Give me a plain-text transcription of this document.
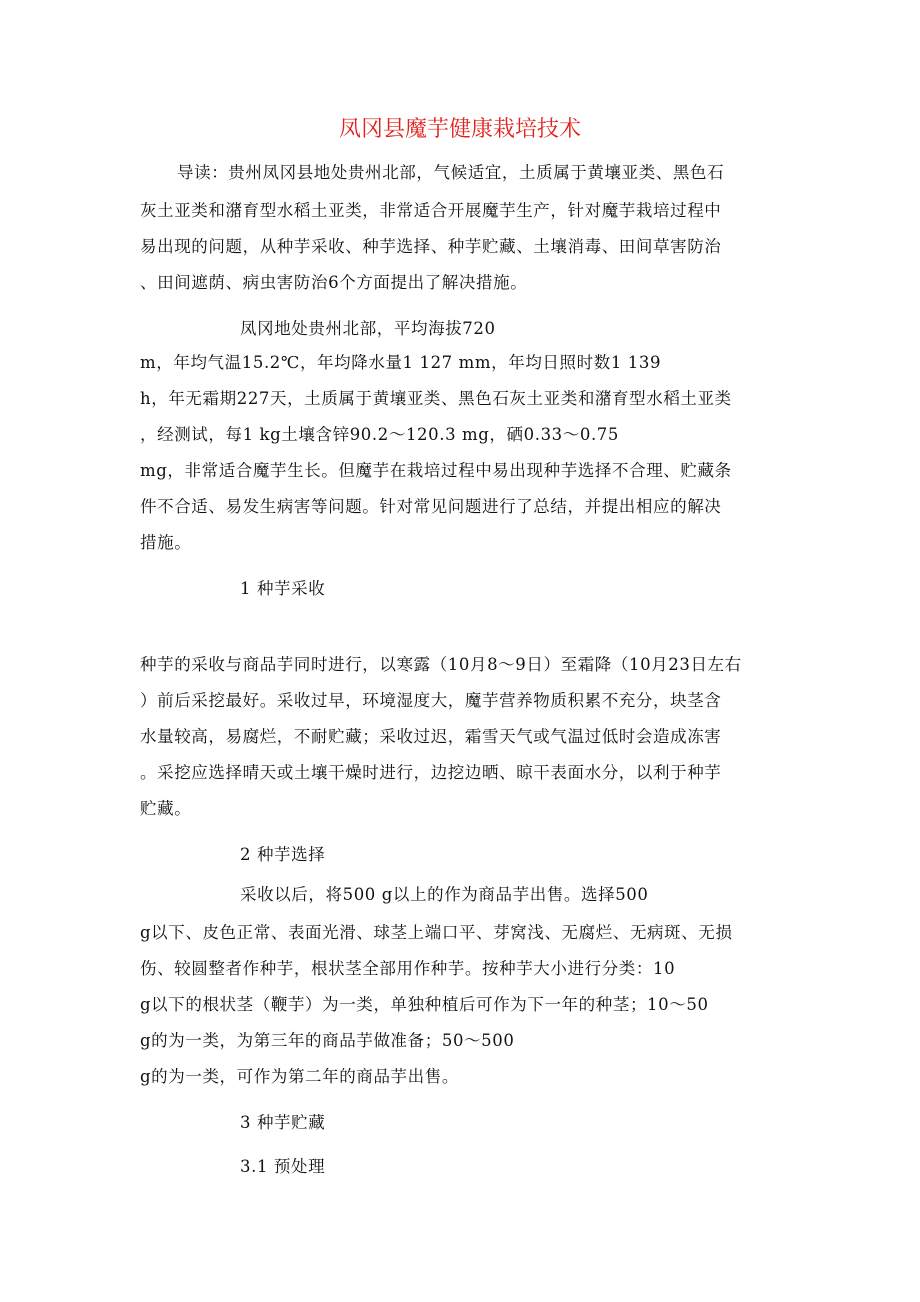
凤冈县魔芋健康栽培技术
导读：贵州凤冈县地处贵州北部，气候适宜，土质属于黄壤亚类、黑色石
灰土亚类和潴育型水稻土亚类，非常适合开展魔芋生产，针对魔芋栽培过程中
易出现的问题，从种芋采收、种芋选择、种芋贮藏、土壤消毒、田间草害防治
、田间遮荫、病虫害防治6个方面提出了解决措施。
凤冈地处贵州北部，平均海拔720
m，年均气温15.2℃，年均降水量1 127 mm，年均日照时数1 139
h，年无霜期227天，土质属于黄壤亚类、黑色石灰土亚类和潴育型水稻土亚类
，经测试，每1 kg土壤含锌90.2～120.3 mg，硒0.33～0.75
mg，非常适合魔芋生长。但魔芋在栽培过程中易出现种芋选择不合理、贮藏条
件不合适、易发生病害等问题。针对常见问题进行了总结，并提出相应的解决
措施。
1 种芋采收
种芋的采收与商品芋同时进行，以寒露（10月8～9日）至霜降（10月23日左右
）前后采挖最好。采收过早，环境湿度大，魔芋营养物质积累不充分，块茎含
水量较高，易腐烂，不耐贮藏；采收过迟，霜雪天气或气温过低时会造成冻害
。采挖应选择晴天或土壤干燥时进行，边挖边晒、晾干表面水分，以利于种芋
贮藏。
2 种芋选择
采收以后，将500 g以上的作为商品芋出售。选择500
g以下、皮色正常、表面光滑、球茎上端口平、芽窝浅、无腐烂、无病斑、无损
伤、较圆整者作种芋，根状茎全部用作种芋。按种芋大小进行分类：10
g以下的根状茎（鞭芋）为一类，单独种植后可作为下一年的种茎；10～50
g的为一类，为第三年的商品芋做准备；50～500
g的为一类，可作为第二年的商品芋出售。
3 种芋贮藏
3.1 预处理
